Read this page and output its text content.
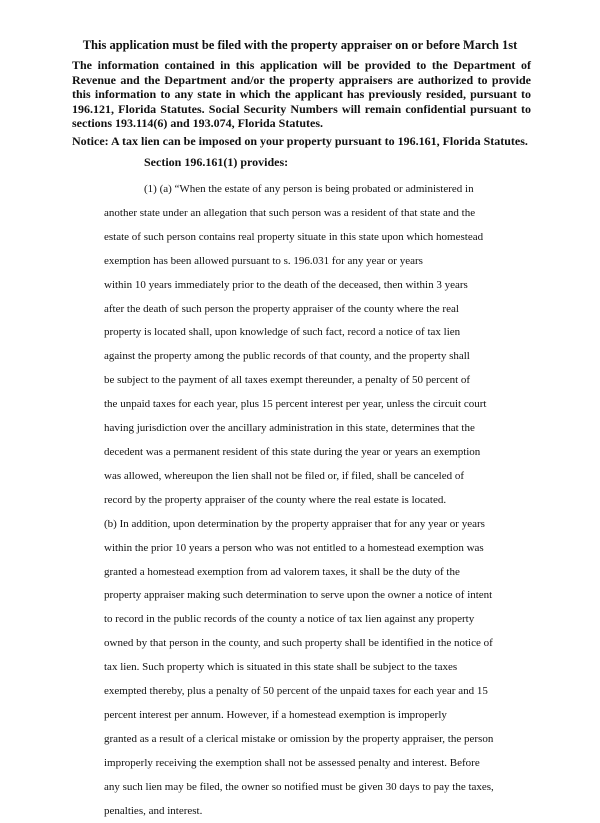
This application must be filed with the property appraiser on or before March 1st
The information contained in this application will be provided to the Department of Revenue and the Department and/or the property appraisers are authorized to provide this information to any state in which the applicant has previously resided, pursuant to 196.121, Florida Statutes. Social Security Numbers will remain confidential pursuant to sections 193.114(6) and 193.074, Florida Statutes.
Notice: A tax lien can be imposed on your property pursuant to 196.161, Florida Statutes.
Section 196.161(1) provides:
(1) (a) “When the estate of any person is being probated or administered in
another state under an allegation that such person was a resident of that state and the
estate of such person contains real property situate in this state upon which homestead
exemption has been allowed pursuant to s. 196.031 for any year or years
within 10 years immediately prior to the death of the deceased, then within 3 years
after the death of such person the property appraiser of the county where the real
property is located shall, upon knowledge of such fact, record a notice of tax lien
against the property among the public records of that county, and the property shall
be subject to the payment of all taxes exempt thereunder, a penalty of 50 percent of
the unpaid taxes for each year, plus 15 percent interest per year, unless the circuit court
having jurisdiction over the ancillary administration in this state, determines that the
decedent was a permanent resident of this state during the year or years an exemption
was allowed, whereupon the lien shall not be filed or, if filed, shall be canceled of
record by the property appraiser of the county where the real estate is located.
(b) In addition, upon determination by the property appraiser that for any year or years
within the prior 10 years a person who was not entitled to a homestead exemption was
granted a homestead exemption from ad valorem taxes, it shall be the duty of the
property appraiser making such determination to serve upon the owner a notice of intent
to record in the public records of the county a notice of tax lien against any property
owned by that person in the county, and such property shall be identified in the notice of
tax lien. Such property which is situated in this state shall be subject to the taxes
exempted thereby, plus a penalty of 50 percent of the unpaid taxes for each year and 15
percent interest per annum. However, if a homestead exemption is improperly
granted as a result of a clerical mistake or omission by the property appraiser, the person
improperly receiving the exemption shall not be assessed penalty and interest. Before
any such lien may be filed, the owner so notified must be given 30 days to pay the taxes,
penalties, and interest.
